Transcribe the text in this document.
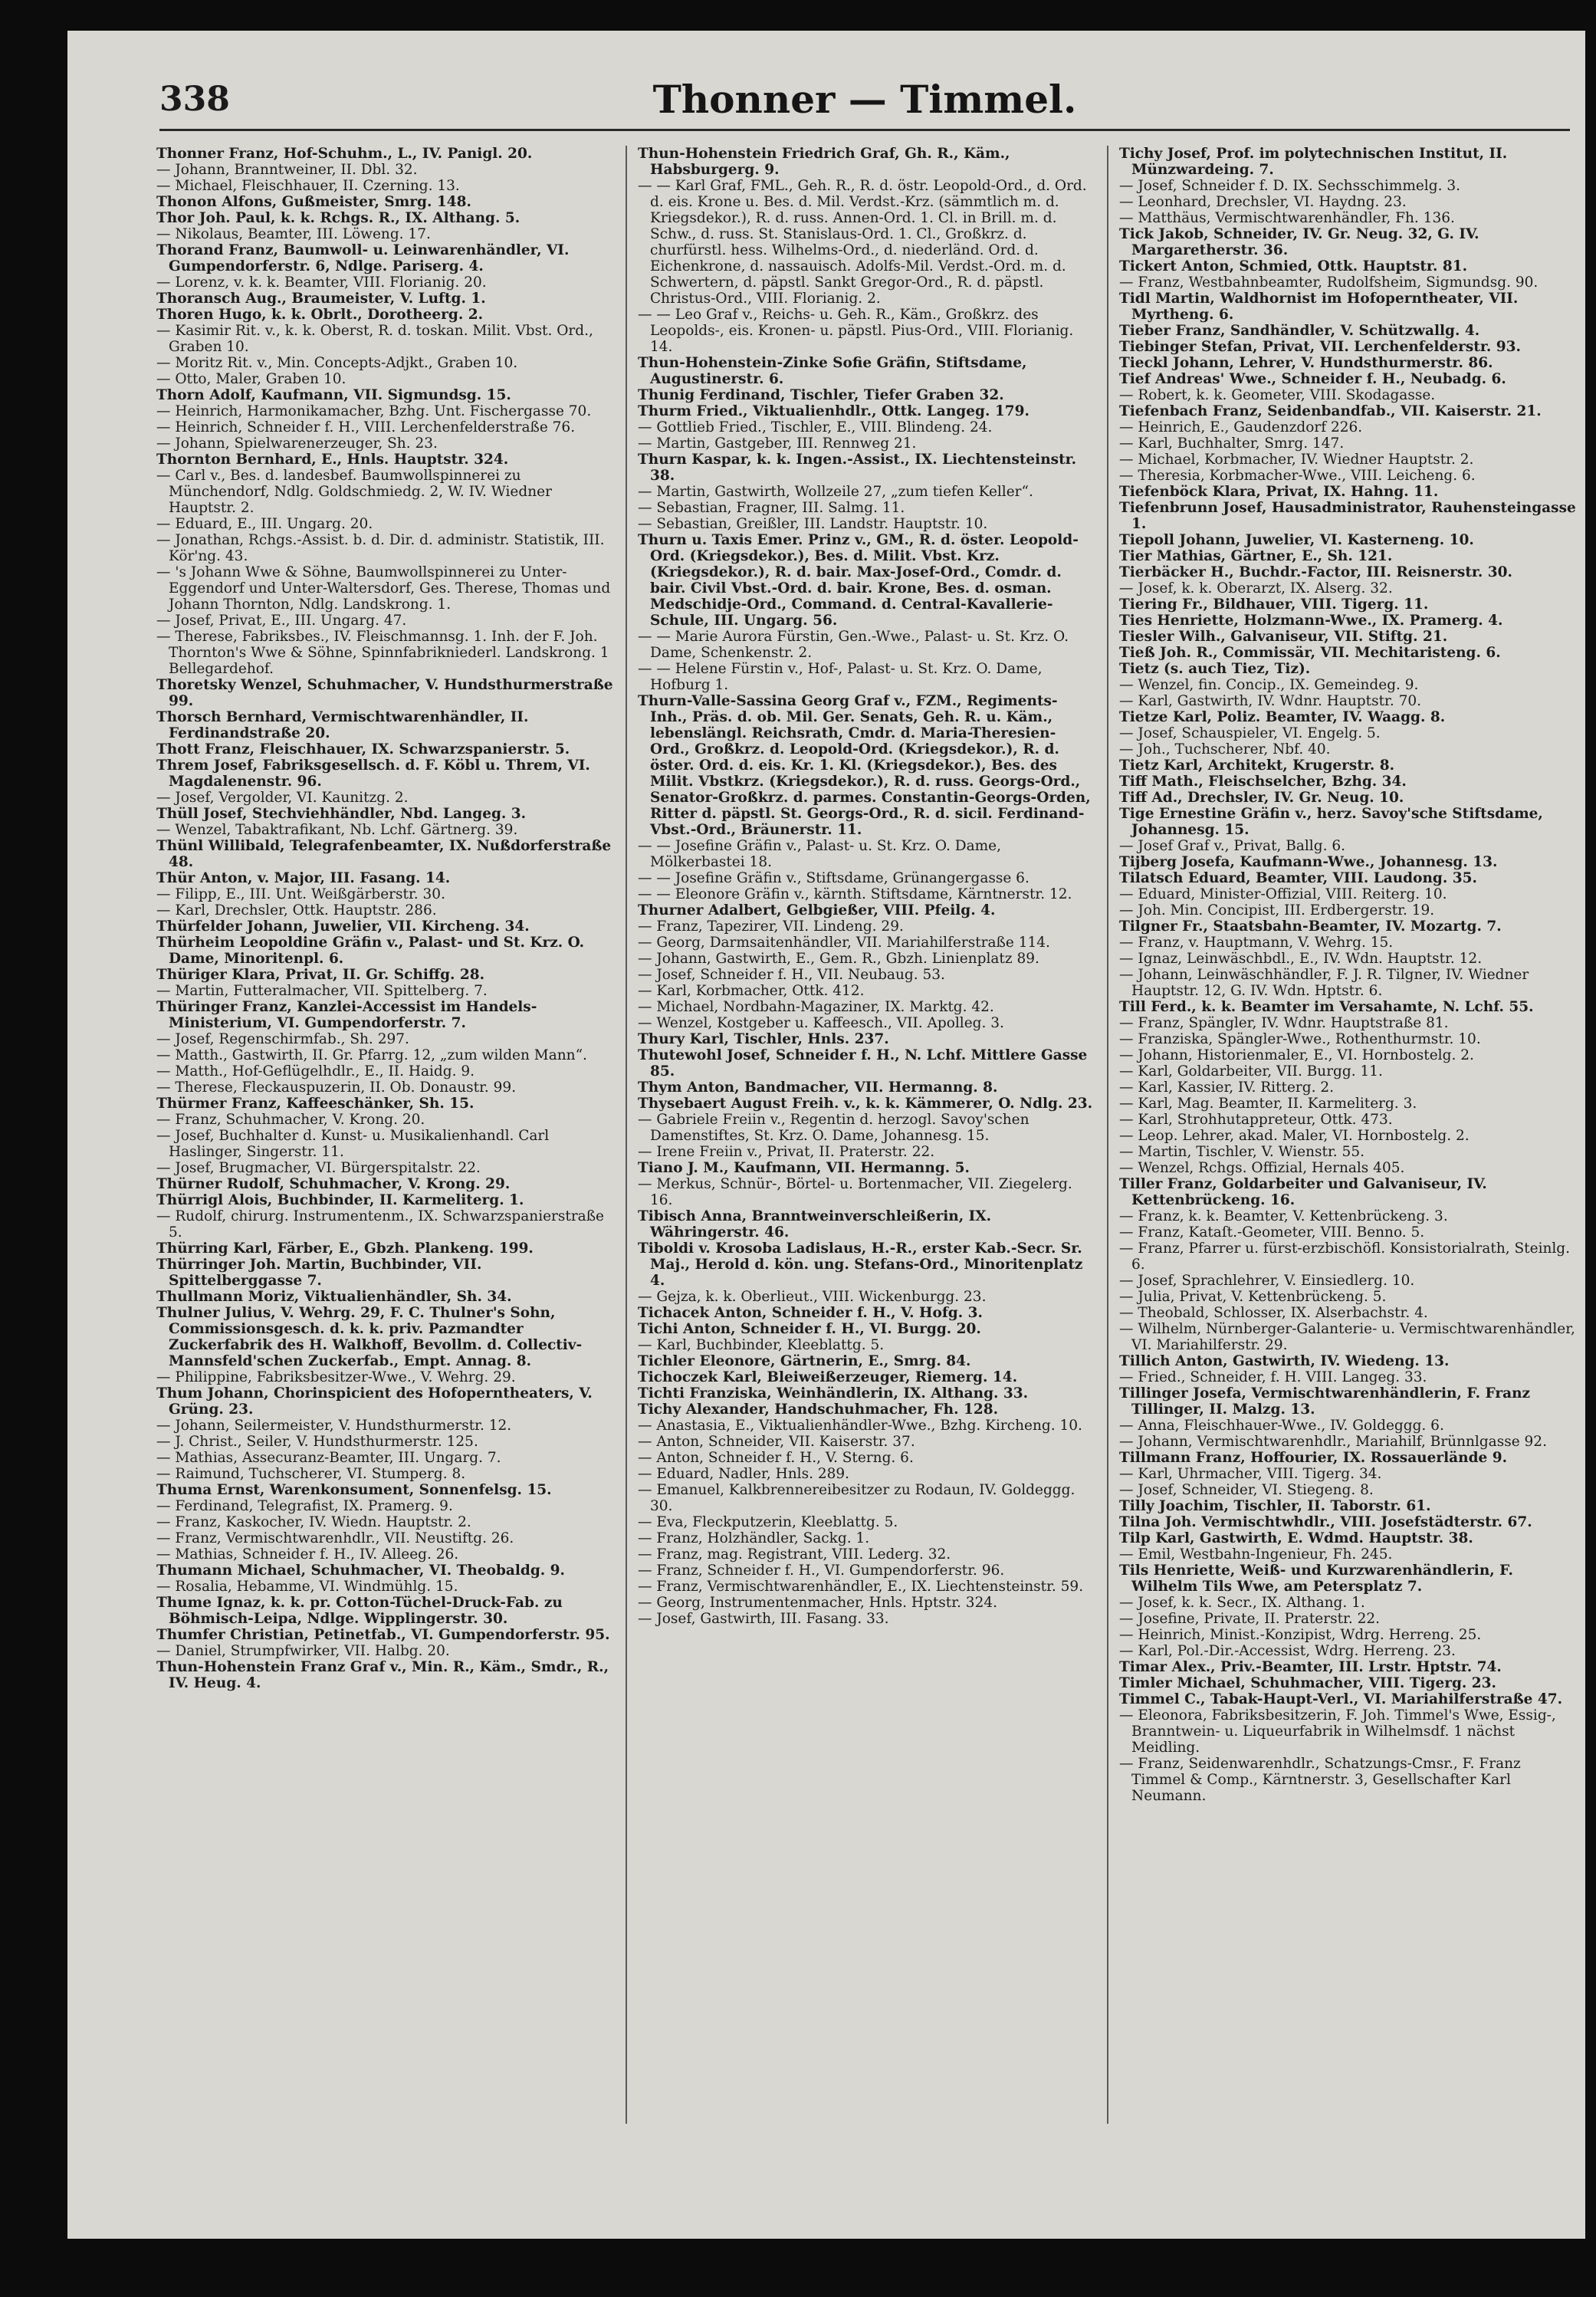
338	Thonner — Timmel.

Thonner Franz, Hof-Schuhm., L., IV. Panigl. 20.

— Johann, Branntweiner, II. Dbl. 32.

— Michael, Fleischhauer, II. Czerning. 13.

Thonon Alfons, Gußmeister, Smrg. 148.

Thor Joh. Paul, k. k. Rchgs. R., IX. Althang. 5.

— Nikolaus, Beamter, III. Löweng. 17.

Thorand Franz, Baumwoll- u. Leinwarenhändler, VI. Gumpendorferstr. 6, Ndlge. Pariserg. 4.

— Lorenz, v. k. k. Beamter, VIII. Florianig. 20.

Thoransch Aug., Braumeister, V. Luftg. 1.

Thoren Hugo, k. k. Obrlt., Dorotheerg. 2.

— Kasimir Rit. v., k. k. Oberst, R. d. toskan. Milit. Vbst. Ord., Graben 10.

— Moritz Rit. v., Min. Concepts-Adjkt., Graben 10.

— Otto, Maler, Graben 10.

Thorn Adolf, Kaufmann, VII. Sigmundsg. 15.

— Heinrich, Harmonikamacher, Bzhg. Unt. Fischergasse 70.

— Heinrich, Schneider f. H., VIII. Lerchenfelderstraße 76.

— Johann, Spielwarenerzeuger, Sh. 23.

Thornton Bernhard, E., Hnls. Hauptstr. 324.

— Carl v., Bes. d. landesbef. Baumwollspinnerei zu Münchendorf, Ndlg. Goldschmiedg. 2, W. IV. Wiedner Hauptstr. 2.

— Eduard, E., III. Ungarg. 20.

— Jonathan, Rchgs.-Assist. b. d. Dir. d. administr. Statistik, III. Kör'ng. 43.

— 's Johann Wwe & Söhne, Baumwollspinnerei zu Unter-Eggendorf und Unter-Waltersdorf, Ges. Therese, Thomas und Johann Thornton, Ndlg. Landskrong. 1.

— Josef, Privat, E., III. Ungarg. 47.

— Therese, Fabriksbes., IV. Fleischmannsg. 1. Inh. der F. Joh. Thornton's Wwe & Söhne, Spinnfabrikniederl. Landskrong. 1 Bellegardehof.

Thoretsky Wenzel, Schuhmacher, V. Hundsthurmerstraße 99.

Thorsch Bernhard, Vermischtwarenhändler, II. Ferdinandstraße 20.

Thott Franz, Fleischhauer, IX. Schwarzspanierstr. 5.

Threm Josef, Fabriksgesellsch. d. F. Köbl u. Threm, VI. Magdalenenstr. 96.

— Josef, Vergolder, VI. Kaunitzg. 2.

Thüll Josef, Stechviehhändler, Nbd. Langeg. 3.

— Wenzel, Tabaktrafikant, Nb. Lchf. Gärtnerg. 39.

Thünl Willibald, Telegrafenbeamter, IX. Nußdorferstraße 48.

Thür Anton, v. Major, III. Fasang. 14.

— Filipp, E., III. Unt. Weißgärberstr. 30.

— Karl, Drechsler, Ottk. Hauptstr. 286.

Thürfelder Johann, Juwelier, VII. Kircheng. 34.

Thürheim Leopoldine Gräfin v., Palast- und St. Krz. O. Dame, Minoritenpl. 6.

Thüriger Klara, Privat, II. Gr. Schiffg. 28.

— Martin, Futteralmacher, VII. Spittelberg. 7.

Thüringer Franz, Kanzlei-Accessist im Handels-Ministerium, VI. Gumpendorferstr. 7.

— Josef, Regenschirmfab., Sh. 297.

— Matth., Gastwirth, II. Gr. Pfarrg. 12, „zum wilden Mann“.

— Matth., Hof-Geflügelhdlr., E., II. Haidg. 9.

— Therese, Fleckauspuzerin, II. Ob. Donaustr. 99.

Thürmer Franz, Kaffeeschänker, Sh. 15.

— Franz, Schuhmacher, V. Krong. 20.

— Josef, Buchhalter d. Kunst- u. Musikalienhandl. Carl Haslinger, Singerstr. 11.

— Josef, Brugmacher, VI. Bürgerspitalstr. 22.

Thürner Rudolf, Schuhmacher, V. Krong. 29.

Thürrigl Alois, Buchbinder, II. Karmeliterg. 1.

— Rudolf, chirurg. Instrumentenm., IX. Schwarzspanierstraße 5.

Thürring Karl, Färber, E., Gbzh. Plankeng. 199.

Thürringer Joh. Martin, Buchbinder, VII. Spittelberggasse 7.

Thullmann Moriz, Viktualienhändler, Sh. 34.

Thulner Julius, V. Wehrg. 29, F. C. Thulner's Sohn, Commissionsgesch. d. k. k. priv. Pazmandter Zuckerfabrik des H. Walkhoff, Bevollm. d. Collectiv-Mannsfeld'schen Zuckerfab., Empt. Annag. 8.

— Philippine, Fabriksbesitzer-Wwe., V. Wehrg. 29.

Thum Johann, Chorinspicient des Hofoperntheaters, V. Grüng. 23.

— Johann, Seilermeister, V. Hundsthurmerstr. 12.

— J. Christ., Seiler, V. Hundsthurmerstr. 125.

— Mathias, Assecuranz-Beamter, III. Ungarg. 7.

— Raimund, Tuchscherer, VI. Stumperg. 8.

Thuma Ernst, Warenkonsument, Sonnenfelsg. 15.

— Ferdinand, Telegrafist, IX. Pramerg. 9.

— Franz, Kaskocher, IV. Wiedn. Hauptstr. 2.

— Franz, Vermischtwarenhdlr., VII. Neustiftg. 26.

— Mathias, Schneider f. H., IV. Alleeg. 26.

Thumann Michael, Schuhmacher, VI. Theobaldg. 9.

— Rosalia, Hebamme, VI. Windmühlg. 15.

Thume Ignaz, k. k. pr. Cotton-Tüchel-Druck-Fab. zu Böhmisch-Leipa, Ndlge. Wipplingerstr. 30.

Thumfer Christian, Petinetfab., VI. Gumpendorferstr. 95.

— Daniel, Strumpfwirker, VII. Halbg. 20.

Thun-Hohenstein Franz Graf v., Min. R., Käm., Smdr., R., IV. Heug. 4.

Thun-Hohenstein Friedrich Graf, Gh. R., Käm., Habsburgerg. 9.

— — Karl Graf, FML., Geh. R., R. d. östr. Leopold-Ord., d. Ord. d. eis. Krone u. Bes. d. Mil. Verdst.-Krz. (sämmtlich m. d. Kriegsdekor.), R. d. russ. Annen-Ord. 1. Cl. in Brill. m. d. Schw., d. russ. St. Stanislaus-Ord. 1. Cl., Großkrz. d. churfürstl. hess. Wilhelms-Ord., d. niederländ. Ord. d. Eichenkrone, d. nassauisch. Adolfs-Mil. Verdst.-Ord. m. d. Schwertern, d. päpstl. Sankt Gregor-Ord., R. d. päpstl. Christus-Ord., VIII. Florianig. 2.

— — Leo Graf v., Reichs- u. Geh. R., Käm., Großkrz. des Leopolds-, eis. Kronen- u. päpstl. Pius-Ord., VIII. Florianig. 14.

Thun-Hohenstein-Zinke Sofie Gräfin, Stiftsdame, Augustinerstr. 6.

Thunig Ferdinand, Tischler, Tiefer Graben 32.

Thurm Fried., Viktualienhdlr., Ottk. Langeg. 179.

— Gottlieb Fried., Tischler, E., VIII. Blindeng. 24.

— Martin, Gastgeber, III. Rennweg 21.

Thurn Kaspar, k. k. Ingen.-Assist., IX. Liechtensteinstr. 38.

— Martin, Gastwirth, Wollzeile 27, „zum tiefen Keller“.

— Sebastian, Fragner, III. Salmg. 11.

— Sebastian, Greißler, III. Landstr. Hauptstr. 10.

Thurn u. Taxis Emer. Prinz v., GM., R. d. öster. Leopold-Ord. (Kriegsdekor.), Bes. d. Milit. Vbst. Krz. (Kriegsdekor.), R. d. bair. Max-Josef-Ord., Comdr. d. bair. Civil Vbst.-Ord. d. bair. Krone, Bes. d. osman. Medschidje-Ord., Command. d. Central-Kavallerie-Schule, III. Ungarg. 56.

— — Marie Aurora Fürstin, Gen.-Wwe., Palast- u. St. Krz. O. Dame, Schenkenstr. 2.

— — Helene Fürstin v., Hof-, Palast- u. St. Krz. O. Dame, Hofburg 1.

Thurn-Valle-Sassina Georg Graf v., FZM., Regiments-Inh., Präs. d. ob. Mil. Ger. Senats, Geh. R. u. Käm., lebenslängl. Reichsrath, Cmdr. d. Maria-Theresien-Ord., Großkrz. d. Leopold-Ord. (Kriegsdekor.), R. d. öster. Ord. d. eis. Kr. 1. Kl. (Kriegsdekor.), Bes. des Milit. Vbstkrz. (Kriegsdekor.), R. d. russ. Georgs-Ord., Senator-Großkrz. d. parmes. Constantin-Georgs-Orden, Ritter d. päpstl. St. Georgs-Ord., R. d. sicil. Ferdinand-Vbst.-Ord., Bräunerstr. 11.

— — Josefine Gräfin v., Palast- u. St. Krz. O. Dame, Mölkerbastei 18.

— — Josefine Gräfin v., Stiftsdame, Grünangergasse 6.

— — Eleonore Gräfin v., kärnth. Stiftsdame, Kärntnerstr. 12.

Thurner Adalbert, Gelbgießer, VIII. Pfeilg. 4.

— Franz, Tapezirer, VII. Lindeng. 29.

— Georg, Darmsaitenhändler, VII. Mariahilferstraße 114.

— Johann, Gastwirth, E., Gem. R., Gbzh. Linienplatz 89.

— Josef, Schneider f. H., VII. Neubaug. 53.

— Karl, Korbmacher, Ottk. 412.

— Michael, Nordbahn-Magaziner, IX. Marktg. 42.

— Wenzel, Kostgeber u. Kaffeesch., VII. Apolleg. 3.

Thury Karl, Tischler, Hnls. 237.

Thutewohl Josef, Schneider f. H., N. Lchf. Mittlere Gasse 85.

Thym Anton, Bandmacher, VII. Hermanng. 8.

Thysebaert August Freih. v., k. k. Kämmerer, O. Ndlg. 23.

— Gabriele Freiin v., Regentin d. herzogl. Savoy'schen Damenstiftes, St. Krz. O. Dame, Johannesg. 15.

— Irene Freiin v., Privat, II. Praterstr. 22.

Tiano J. M., Kaufmann, VII. Hermanng. 5.

— Merkus, Schnür-, Börtel- u. Bortenmacher, VII. Ziegelerg. 16.

Tibisch Anna, Branntweinverschleißerin, IX. Währingerstr. 46.

Tiboldi v. Krosoba Ladislaus, H.-R., erster Kab.-Secr. Sr. Maj., Herold d. kön. ung. Stefans-Ord., Minoritenplatz 4.

— Gejza, k. k. Oberlieut., VIII. Wickenburgg. 23.

Tichacek Anton, Schneider f. H., V. Hofg. 3.

Tichi Anton, Schneider f. H., VI. Burgg. 20.

— Karl, Buchbinder, Kleeblattg. 5.

Tichler Eleonore, Gärtnerin, E., Smrg. 84.

Tichoczek Karl, Bleiweißerzeuger, Riemerg. 14.

Tichti Franziska, Weinhändlerin, IX. Althang. 33.

Tichy Alexander, Handschuhmacher, Fh. 128.

— Anastasia, E., Viktualienhändler-Wwe., Bzhg. Kircheng. 10.

— Anton, Schneider, VII. Kaiserstr. 37.

— Anton, Schneider f. H., V. Sterng. 6.

— Eduard, Nadler, Hnls. 289.

— Emanuel, Kalkbrennereibesitzer zu Rodaun, IV. Goldeggg. 30.

— Eva, Fleckputzerin, Kleeblattg. 5.

— Franz, Holzhändler, Sackg. 1.

— Franz, mag. Registrant, VIII. Lederg. 32.

— Franz, Schneider f. H., VI. Gumpendorferstr. 96.

— Franz, Vermischtwarenhändler, E., IX. Liechtensteinstr. 59.

— Georg, Instrumentenmacher, Hnls. Hptstr. 324.

— Josef, Gastwirth, III. Fasang. 33.

Tichy Josef, Prof. im polytechnischen Institut, II. Münzwardeing. 7.

— Josef, Schneider f. D. IX. Sechsschimmelg. 3.

— Leonhard, Drechsler, VI. Haydng. 23.

— Matthäus, Vermischtwarenhändler, Fh. 136.

Tick Jakob, Schneider, IV. Gr. Neug. 32, G. IV. Margaretherstr. 36.

Tickert Anton, Schmied, Ottk. Hauptstr. 81.

— Franz, Westbahnbeamter, Rudolfsheim, Sigmundsg. 90.

Tidl Martin, Waldhornist im Hofoperntheater, VII. Myrtheng. 6.

Tieber Franz, Sandhändler, V. Schützwallg. 4.

Tiebinger Stefan, Privat, VII. Lerchenfelderstr. 93.

Tieckl Johann, Lehrer, V. Hundsthurmerstr. 86.

Tief Andreas' Wwe., Schneider f. H., Neubadg. 6.

— Robert, k. k. Geometer, VIII. Skodagasse.

Tiefenbach Franz, Seidenbandfab., VII. Kaiserstr. 21.

— Heinrich, E., Gaudenzdorf 226.

— Karl, Buchhalter, Smrg. 147.

— Michael, Korbmacher, IV. Wiedner Hauptstr. 2.

— Theresia, Korbmacher-Wwe., VIII. Leicheng. 6.

Tiefenböck Klara, Privat, IX. Hahng. 11.

Tiefenbrunn Josef, Hausadministrator, Rauhensteingasse 1.

Tiepoll Johann, Juwelier, VI. Kasterneng. 10.

Tier Mathias, Gärtner, E., Sh. 121.

Tierbäcker H., Buchdr.-Factor, III. Reisnerstr. 30.

— Josef, k. k. Oberarzt, IX. Alserg. 32.

Tiering Fr., Bildhauer, VIII. Tigerg. 11.

Ties Henriette, Holzmann-Wwe., IX. Pramerg. 4.

Tiesler Wilh., Galvaniseur, VII. Stiftg. 21.

Tieß Joh. R., Commissär, VII. Mechitaristeng. 6.

Tietz (s. auch Tiez, Tiz).

— Wenzel, fin. Concip., IX. Gemeindeg. 9.

— Karl, Gastwirth, IV. Wdnr. Hauptstr. 70.

Tietze Karl, Poliz. Beamter, IV. Waagg. 8.

— Josef, Schauspieler, VI. Engelg. 5.

— Joh., Tuchscherer, Nbf. 40.

Tietz Karl, Architekt, Krugerstr. 8.

Tiff Math., Fleischselcher, Bzhg. 34.

Tiff Ad., Drechsler, IV. Gr. Neug. 10.

Tige Ernestine Gräfin v., herz. Savoy'sche Stiftsdame, Johannesg. 15.

— Josef Graf v., Privat, Ballg. 6.

Tijberg Josefa, Kaufmann-Wwe., Johannesg. 13.

Tilatsch Eduard, Beamter, VIII. Laudong. 35.

— Eduard, Minister-Offizial, VIII. Reiterg. 10.

— Joh. Min. Concipist, III. Erdbergerstr. 19.

Tilgner Fr., Staatsbahn-Beamter, IV. Mozartg. 7.

— Franz, v. Hauptmann, V. Wehrg. 15.

— Ignaz, Leinwäschbdl., E., IV. Wdn. Hauptstr. 12.

— Johann, Leinwäschhändler, F. J. R. Tilgner, IV. Wiedner Hauptstr. 12, G. IV. Wdn. Hptstr. 6.

Till Ferd., k. k. Beamter im Versahamte, N. Lchf. 55.

— Franz, Spängler, IV. Wdnr. Hauptstraße 81.

— Franziska, Spängler-Wwe., Rothenthurmstr. 10.

— Johann, Historienmaler, E., VI. Hornbostelg. 2.

— Karl, Goldarbeiter, VII. Burgg. 11.

— Karl, Kassier, IV. Ritterg. 2.

— Karl, Mag. Beamter, II. Karmeliterg. 3.

— Karl, Strohhutappreteur, Ottk. 473.

— Leop. Lehrer, akad. Maler, VI. Hornbostelg. 2.

— Martin, Tischler, V. Wienstr. 55.

— Wenzel, Rchgs. Offizial, Hernals 405.

Tiller Franz, Goldarbeiter und Galvaniseur, IV. Kettenbrückeng. 16.

— Franz, k. k. Beamter, V. Kettenbrückeng. 3.

— Franz, Kataſt.-Geometer, VIII. Benno. 5.

— Franz, Pfarrer u. fürst-erzbischöfl. Konsistorialrath, Steinlg. 6.

— Josef, Sprachlehrer, V. Einsiedlerg. 10.

— Julia, Privat, V. Kettenbrückeng. 5.

— Theobald, Schlosser, IX. Alserbachstr. 4.

— Wilhelm, Nürnberger-Galanterie- u. Vermischtwarenhändler, VI. Mariahilferstr. 29.

Tillich Anton, Gastwirth, IV. Wiedeng. 13.

— Fried., Schneider, f. H. VIII. Langeg. 33.

Tillinger Josefa, Vermischtwarenhändlerin, F. Franz Tillinger, II. Malzg. 13.

— Anna, Fleischhauer-Wwe., IV. Goldeggg. 6.

— Johann, Vermischtwarenhdlr., Mariahilf, Brünnlgasse 92.

Tillmann Franz, Hoffourier, IX. Rossauerlände 9.

— Karl, Uhrmacher, VIII. Tigerg. 34.

— Josef, Schneider, VI. Stiegeng. 8.

Tilly Joachim, Tischler, II. Taborstr. 61.

Tilna Joh. Vermischtwhdlr., VIII. Josefstädterstr. 67.

Tilp Karl, Gastwirth, E. Wdmd. Hauptstr. 38.

— Emil, Westbahn-Ingenieur, Fh. 245.

Tils Henriette, Weiß- und Kurzwarenhändlerin, F. Wilhelm Tils Wwe, am Petersplatz 7.

— Josef, k. k. Secr., IX. Althang. 1.

— Josefine, Private, II. Praterstr. 22.

— Heinrich, Minist.-Konzipist, Wdrg. Herreng. 25.

— Karl, Pol.-Dir.-Accessist, Wdrg. Herreng. 23.

Timar Alex., Priv.-Beamter, III. Lrstr. Hptstr. 74.

Timler Michael, Schuhmacher, VIII. Tigerg. 23.

Timmel C., Tabak-Haupt-Verl., VI. Mariahilferstraße 47.

— Eleonora, Fabriksbesitzerin, F. Joh. Timmel's Wwe, Essig-, Branntwein- u. Liqueurfabrik in Wilhelmsdf. 1 nächst Meidling.

— Franz, Seidenwarenhdlr., Schatzungs-Cmsr., F. Franz Timmel & Comp., Kärntnerstr. 3, Gesellschafter Karl Neumann.
